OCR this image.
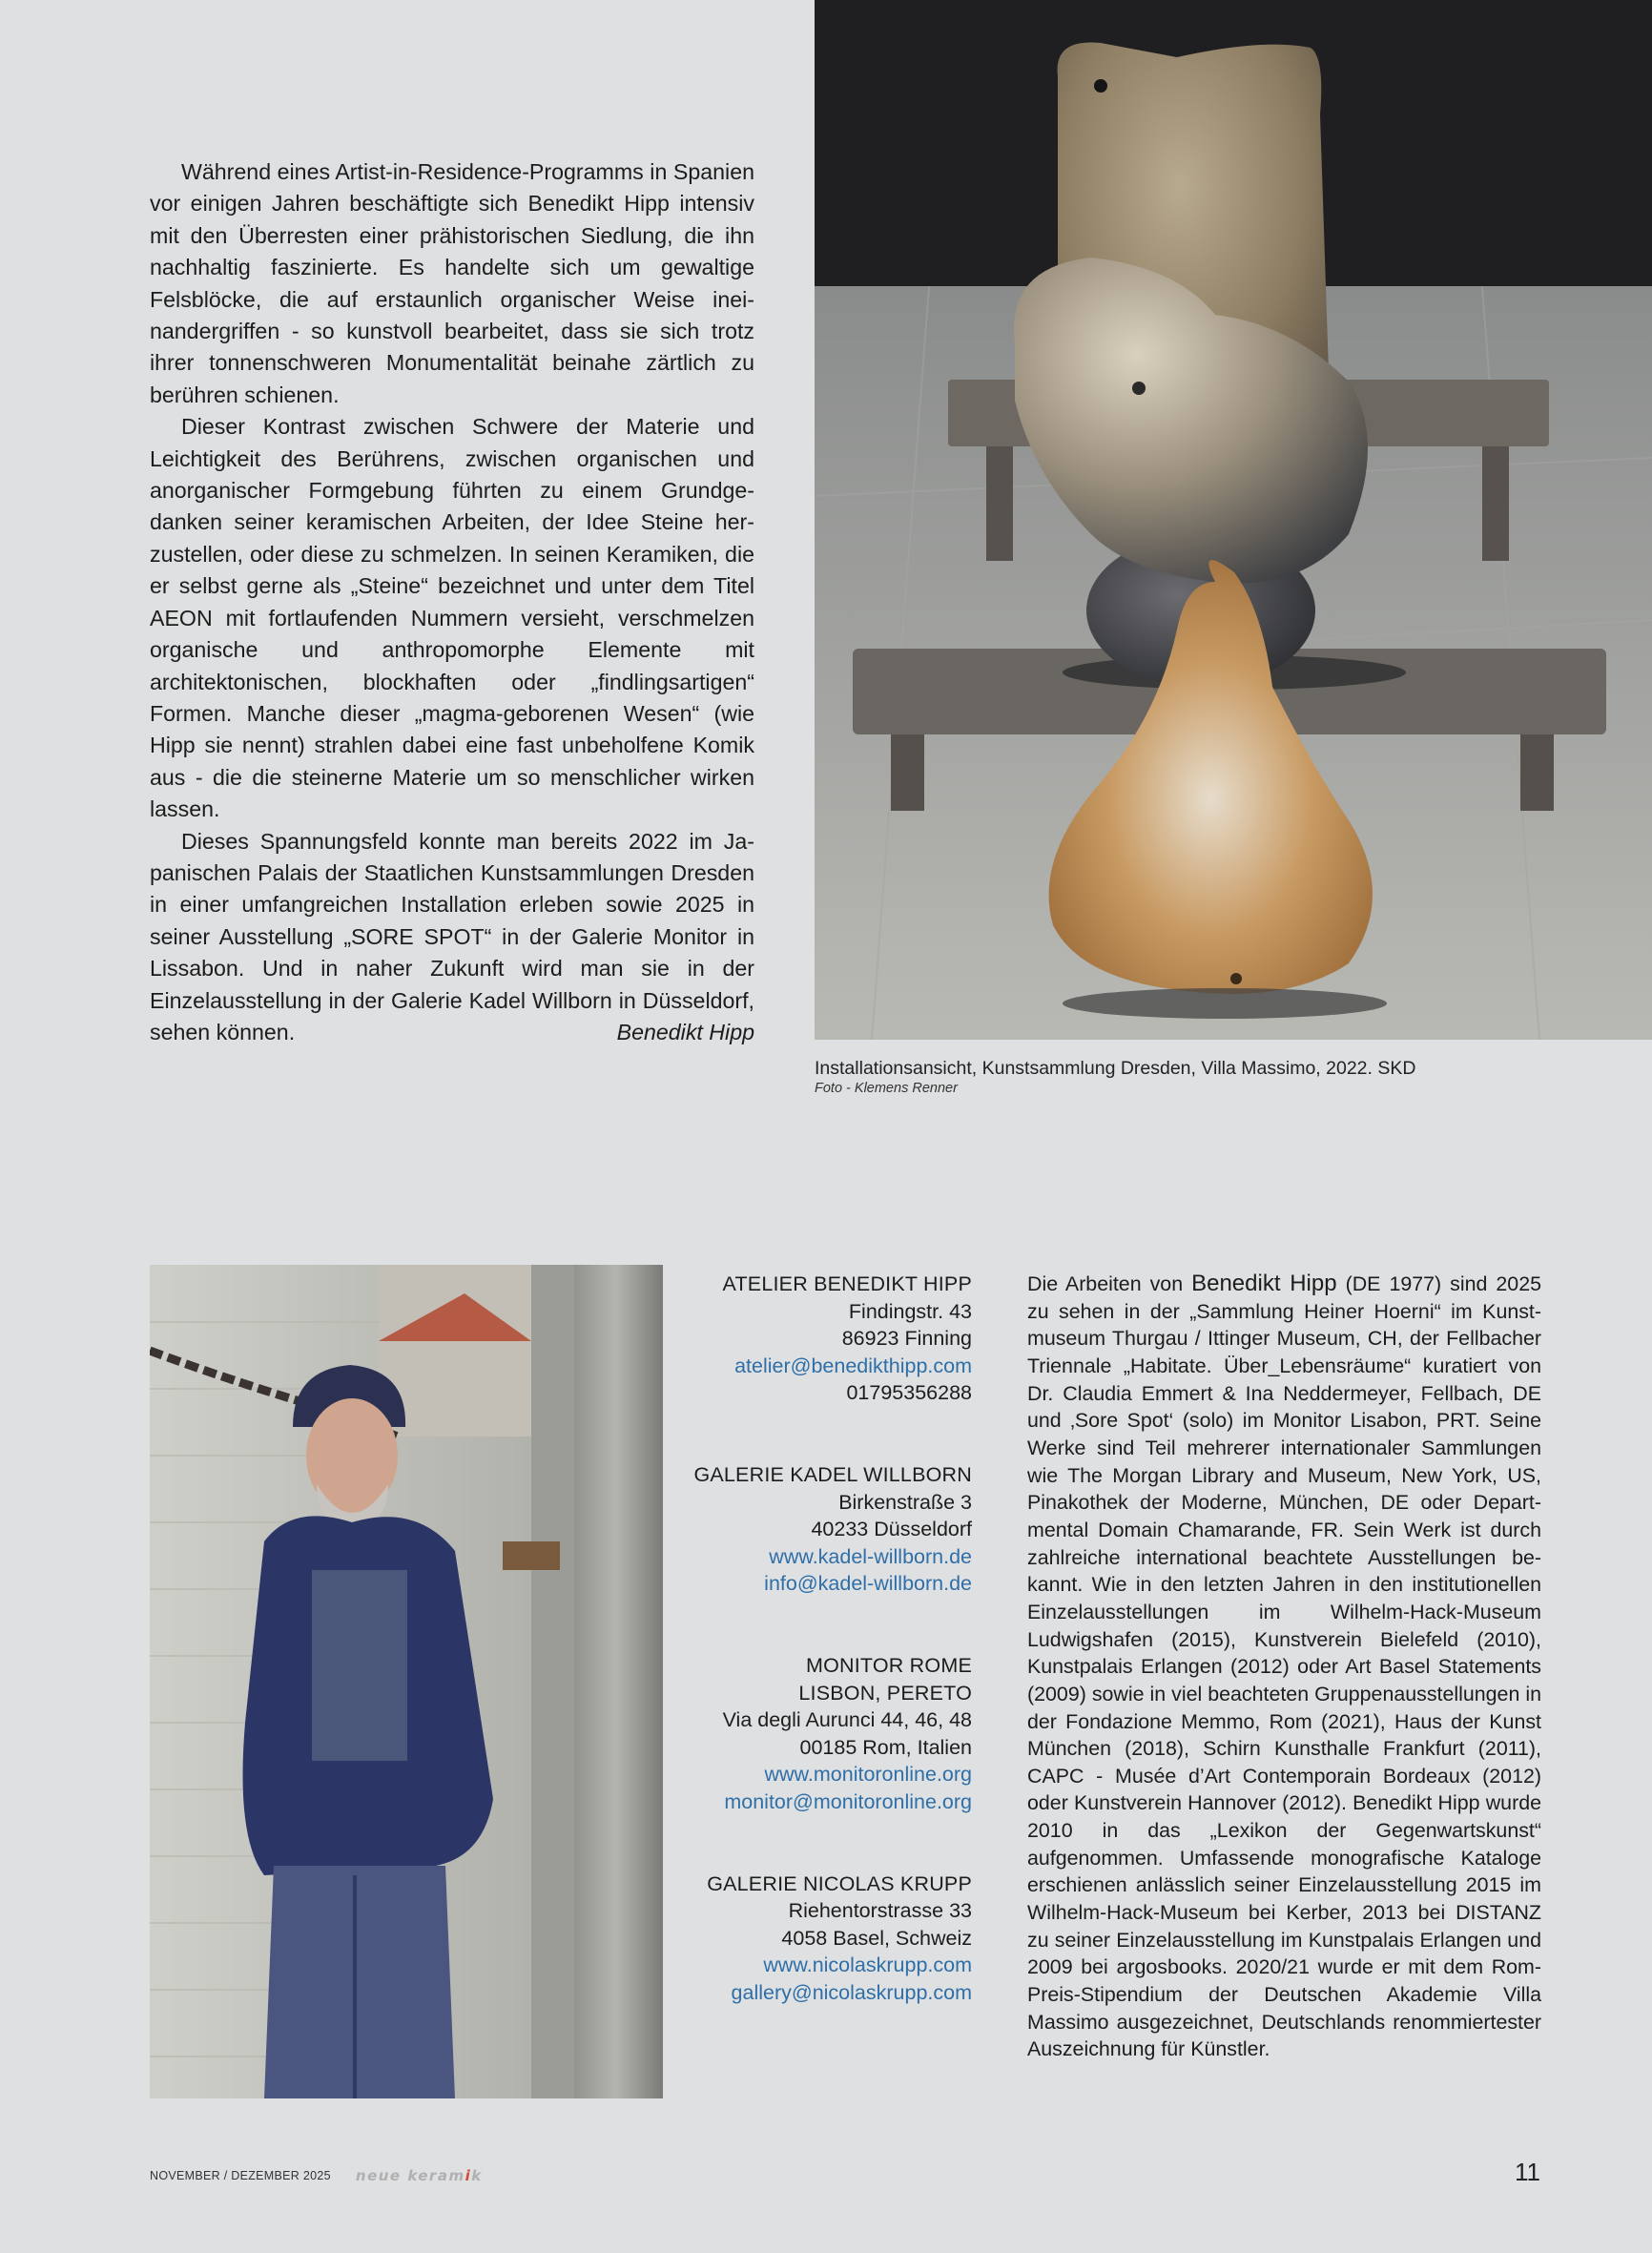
Während eines Artist-in-Residence-Programms in Spanien vor einigen Jahren beschäftigte sich Benedikt Hipp intensiv mit den Überresten einer prähistorischen Siedlung, die ihn nachhaltig faszinierte. Es handelte sich um gewaltige Felsblöcke, die auf erstaunlich organischer Weise ineinandergriffen - so kunstvoll bearbeitet, dass sie sich trotz ihrer tonnenschweren Monumentalität beinahe zärtlich zu berühren schienen.

Dieser Kontrast zwischen Schwere der Materie und Leichtigkeit des Berührens, zwischen organischen und anorganischer Formgebung führten zu einem Grundgedanken seiner keramischen Arbeiten, der Idee Steine herzustellen, oder diese zu schmelzen. In seinen Keramiken, die er selbst gerne als „Steine“ bezeichnet und unter dem Titel AEON mit fortlaufenden Nummern versieht, verschmelzen organische und anthropomorphe Elemente mit architektonischen, blockhaften oder „findlingsartigen“ Formen. Manche dieser „magma-geborenen Wesen“ (wie Hipp sie nennt) strahlen dabei eine fast unbeholfene Komik aus - die die steinerne Materie um so menschlicher wirken lassen.

Dieses Spannungsfeld konnte man bereits 2022 im Japanischen Palais der Staatlichen Kunstsammlungen Dresden in einer umfangreichen Installation erleben sowie 2025 in seiner Ausstellung „SORE SPOT“ in der Galerie Monitor in Lissabon. Und in naher Zukunft wird man sie in der Einzelausstellung in der Galerie Kadel Willborn in Düsseldorf, sehen können.	Benedikt Hipp

Installationsansicht, Kunstsammlung Dresden, Villa Massimo, 2022. SKD
Foto - Klemens Renner
ATELIER BENEDIKT HIPP
Findingstr. 43
86923 Finning
atelier@benedikthipp.com
01795356288
GALERIE KADEL WILLBORN
Birkenstraße 3
40233 Düsseldorf
www.kadel-willborn.de
info@kadel-willborn.de
MONITOR ROME
LISBON, PERETO
Via degli Aurunci 44, 46, 48
00185 Rom, Italien
www.monitoronline.org
monitor@monitoronline.org
GALERIE NICOLAS KRUPP
Riehentorstrasse 33
4058 Basel, Schweiz
www.nicolaskrupp.com
gallery@nicolaskrupp.com

Die Arbeiten von Benedikt Hipp (DE 1977) sind 2025 zu sehen in der „Sammlung Heiner Hoerni“ im Kunstmuseum Thurgau / Ittinger Museum, CH, der Fellbacher Triennale „Habitate. Über_Lebensräume“ kuratiert von Dr. Claudia Emmert & Ina Neddermeyer, Fellbach, DE und ‚Sore Spot‘ (solo) im Monitor Lisabon, PRT. Seine Werke sind Teil mehrerer internationaler Sammlungen wie The Morgan Library and Museum, New York, US, Pinakothek der Moderne, München, DE oder Departmental Domain Chamarande, FR. Sein Werk ist durch zahlreiche international beachtete Ausstellungen bekannt. Wie in den letzten Jahren in den institutionellen Einzelausstellungen im Wilhelm-Hack-Museum Ludwigshafen (2015), Kunstverein Bielefeld (2010), Kunstpalais Erlangen (2012) oder Art Basel Statements (2009) sowie in viel beachteten Gruppenausstellungen in der Fondazione Memmo, Rom (2021), Haus der Kunst München (2018), Schirn Kunsthalle Frankfurt (2011), CAPC - Musée d’Art Contemporain Bordeaux (2012) oder Kunstverein Hannover (2012). Benedikt Hipp wurde 2010 in das „Lexikon der Gegenwartskunst“ aufgenommen. Umfassende monografische Kataloge erschienen anlässlich seiner Einzelausstellung 2015 im Wilhelm-Hack-Museum bei Kerber, 2013 bei DISTANZ zu seiner Einzelausstellung im Kunstpalais Erlangen und 2009 bei argosbooks. 2020/21 wurde er mit dem Rom-Preis-Stipendium der Deutschen Akademie Villa Massimo ausgezeichnet, Deutschlands renommiertester Auszeichnung für Künstler.

NOVEMBER / DEZEMBER 2025 neue keramik	11
